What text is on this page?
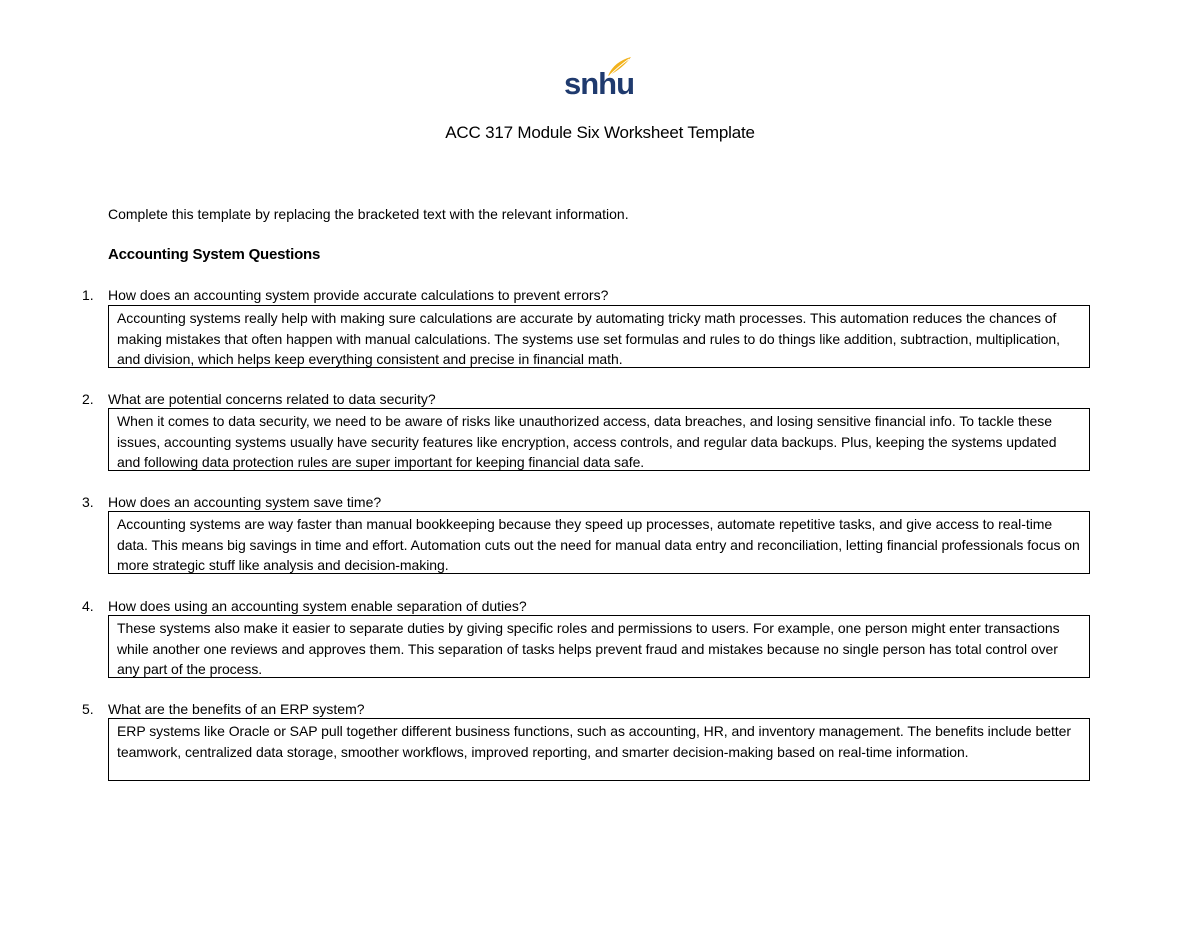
snhu
ACC 317 Module Six Worksheet Template
Complete this template by replacing the bracketed text with the relevant information.
Accounting System Questions
1.	How does an accounting system provide accurate calculations to prevent errors?
Accounting systems really help with making sure calculations are accurate by automating tricky math processes. This automation reduces the chances of making mistakes that often happen with manual calculations. The systems use set formulas and rules to do things like addition, subtraction, multiplication, and division, which helps keep everything consistent and precise in financial math.
2.	What are potential concerns related to data security?
When it comes to data security, we need to be aware of risks like unauthorized access, data breaches, and losing sensitive financial info. To tackle these issues, accounting systems usually have security features like encryption, access controls, and regular data backups. Plus, keeping the systems updated and following data protection rules are super important for keeping financial data safe.
3.	How does an accounting system save time?
Accounting systems are way faster than manual bookkeeping because they speed up processes, automate repetitive tasks, and give access to real-time data. This means big savings in time and effort. Automation cuts out the need for manual data entry and reconciliation, letting financial professionals focus on more strategic stuff like analysis and decision-making.
4.	How does using an accounting system enable separation of duties?
These systems also make it easier to separate duties by giving specific roles and permissions to users. For example, one person might enter transactions while another one reviews and approves them. This separation of tasks helps prevent fraud and mistakes because no single person has total control over any part of the process.
5.	What are the benefits of an ERP system?
ERP systems like Oracle or SAP pull together different business functions, such as accounting, HR, and inventory management. The benefits include better teamwork, centralized data storage, smoother workflows, improved reporting, and smarter decision-making based on real-time information.
